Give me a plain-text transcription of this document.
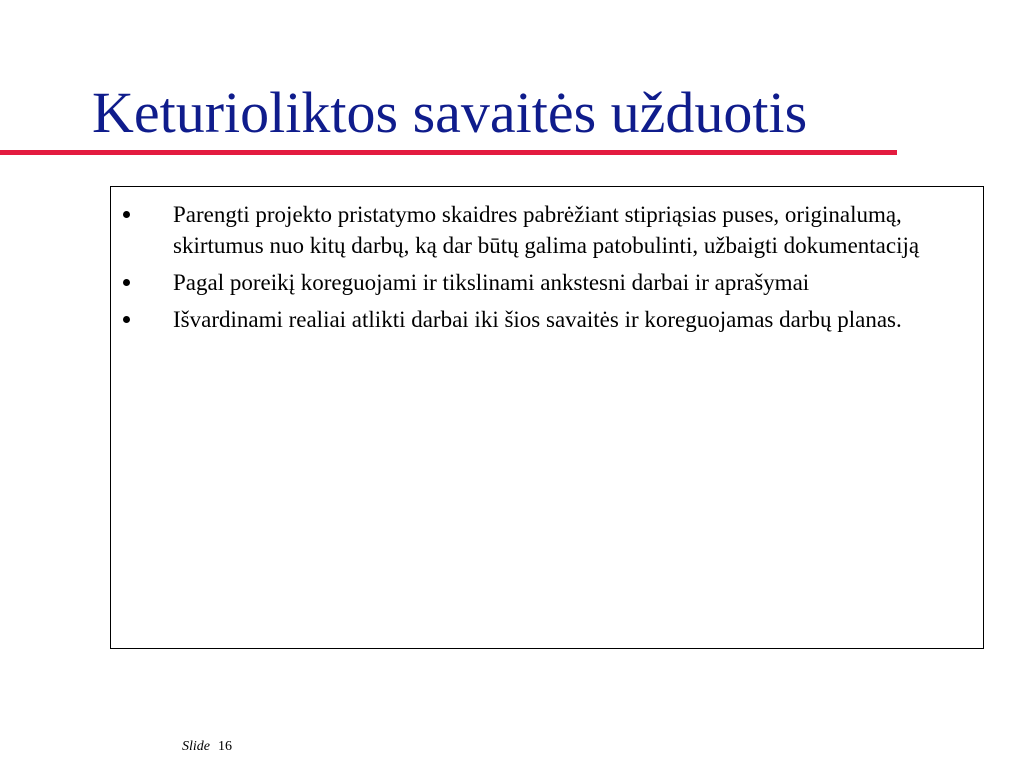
Keturioliktos savaitės užduotis
Parengti projekto pristatymo skaidres pabrėžiant stipriąsias puses, originalumą, skirtumus nuo kitų darbų, ką dar būtų galima patobulinti, užbaigti dokumentaciją
Pagal poreikį koreguojami ir tikslinami ankstesni darbai ir aprašymai
Išvardinami realiai atlikti darbai iki šios savaitės ir koreguojamas darbų planas.
Slide 16
